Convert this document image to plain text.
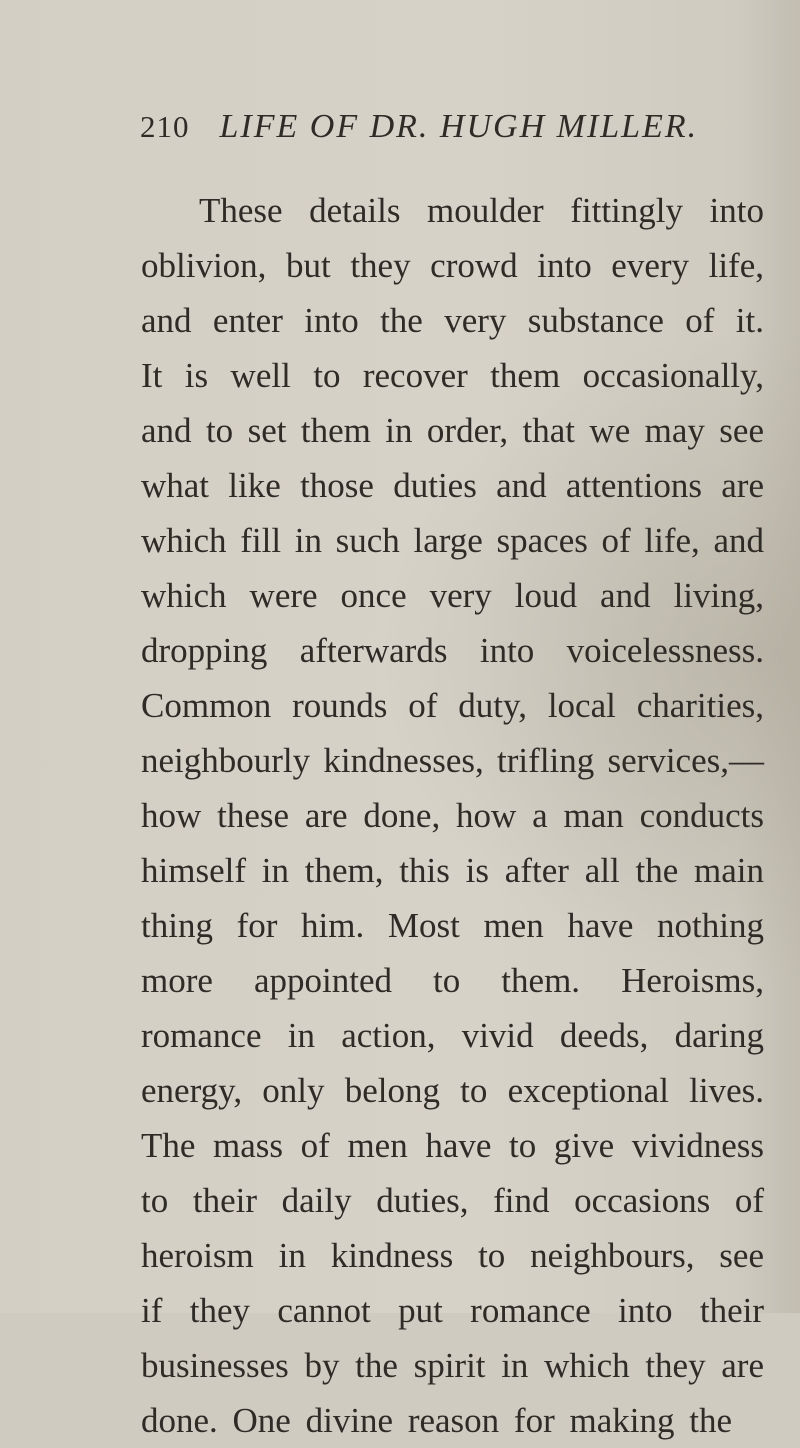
210 LIFE OF DR. HUGH MILLER.
These details moulder fittingly into
oblivion, but they crowd into every life,
and enter into the very substance of it.
It is well to recover them occasionally,
and to set them in order, that we may see
what like those duties and attentions are
which fill in such large spaces of life, and
which were once very loud and living,
dropping afterwards into voicelessness.
Common rounds of duty, local charities,
neighbourly kindnesses, trifling services,—
how these are done, how a man conducts
himself in them, this is after all the main
thing for him. Most men have nothing
more appointed to them. Heroisms,
romance in action, vivid deeds, daring
energy, only belong to exceptional lives.
The mass of men have to give vividness
to their daily duties, find occasions of
heroism in kindness to neighbours, see
if they cannot put romance into their
businesses by the spirit in which they are
done. One divine reason for making the
